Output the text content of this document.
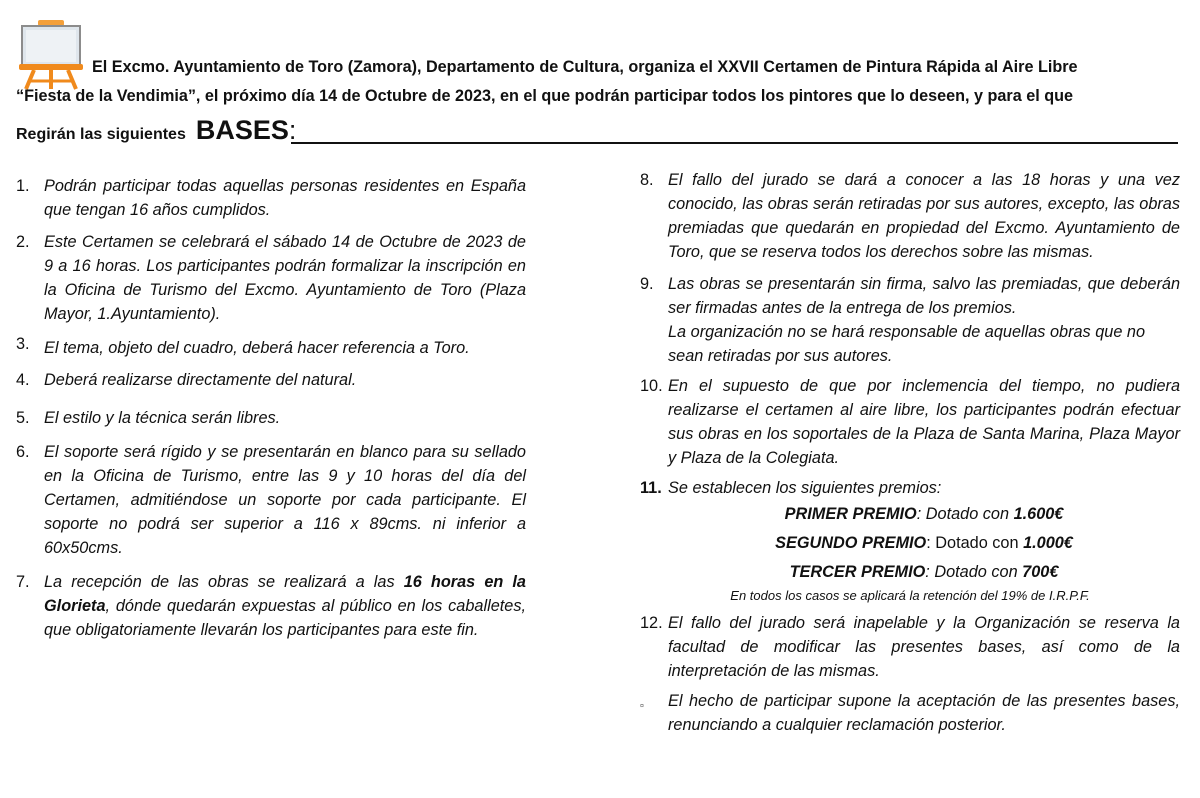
El Excmo. Ayuntamiento de Toro (Zamora), Departamento de Cultura, organiza el XXVII Certamen de Pintura Rápida al Aire Libre
“Fiesta de la Vendimia”, el próximo día 14 de Octubre de 2023, en el que podrán participar todos los pintores que lo deseen, y para el que
Regirán las siguientes BASES:
1. Podrán participar todas aquellas personas residentes en España que tengan 16 años cumplidos.
2. Este Certamen se celebrará el sábado 14 de Octubre de 2023 de 9 a 16 horas. Los participantes podrán formalizar la inscripción en la Oficina de Turismo del Excmo. Ayuntamiento de Toro (Plaza Mayor, 1.Ayuntamiento).
3. El tema, objeto del cuadro, deberá hacer referencia a Toro.
4. Deberá realizarse directamente del natural.
5. El estilo y la técnica serán libres.
6. El soporte será rígido y se presentarán en blanco para su sellado en la Oficina de Turismo, entre las 9 y 10 horas del día del Certamen, admitiéndose un soporte por cada participante. El soporte no podrá ser superior a 116 x 89cms. ni inferior a 60x50cms.
7. La recepción de las obras se realizará a las 16 horas en la Glorieta, dónde quedarán expuestas al público en los caballetes, que obligatoriamente llevarán los participantes para este fin.
8. El fallo del jurado se dará a conocer a las 18 horas y una vez conocido, las obras serán retiradas por sus autores, excepto, las obras premiadas que quedarán en propiedad del Excmo. Ayuntamiento de Toro, que se reserva todos los derechos sobre las mismas.
9. Las obras se presentarán sin firma, salvo las premiadas, que deberán ser firmadas antes de la entrega de los premios.
La organización no se hará responsable de aquellas obras que no sean retiradas por sus autores.
10. En el supuesto de que por inclemencia del tiempo, no pudiera realizarse el certamen al aire libre, los participantes podrán efectuar sus obras en los soportales de la Plaza de Santa Marina, Plaza Mayor y Plaza de la Colegiata.
11. Se establecen los siguientes premios:
PRIMER PREMIO: Dotado con 1.600€
SEGUNDO PREMIO: Dotado con 1.000€
TERCER PREMIO: Dotado con 700€
En todos los casos se aplicará la retención del 19% de I.R.P.F.
12. El fallo del jurado será inapelable y la Organización se reserva la facultad de modificar las presentes bases, así como de la interpretación de las mismas.
¤ El hecho de participar supone la aceptación de las presentes bases, renunciando a cualquier reclamación posterior.
